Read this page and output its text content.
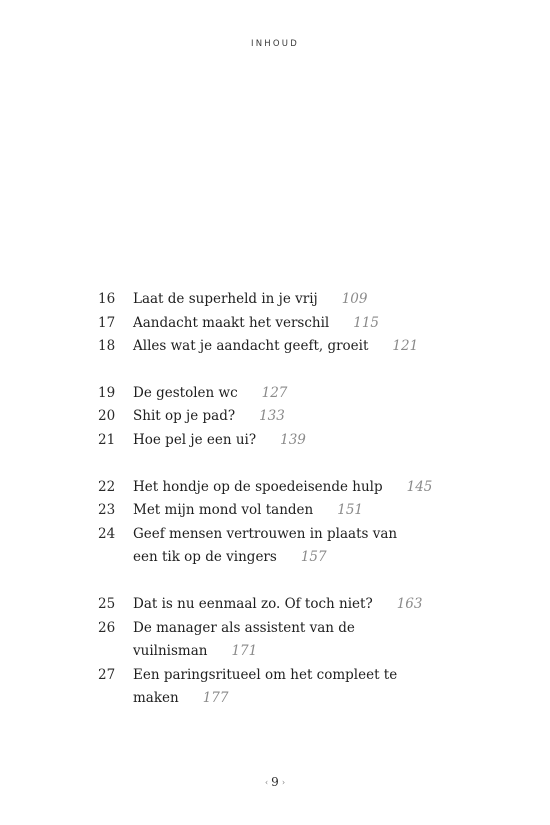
INHOUD
16	Laat de superheld in je vrij 109
17	Aandacht maakt het verschil 115
18	Alles wat je aandacht geeft, groeit 121
19	De gestolen wc 127
20	Shit op je pad? 133
21	Hoe pel je een ui? 139
22	Het hondje op de spoedeisende hulp 145
23	Met mijn mond vol tanden 151
24	Geef mensen vertrouwen in plaats van
een tik op de vingers 157
25	Dat is nu eenmaal zo. Of toch niet? 163
26	De manager als assistent van de vuilnisman 171
27	Een paringsritueel om het compleet te maken 177
‹ 9 ›
